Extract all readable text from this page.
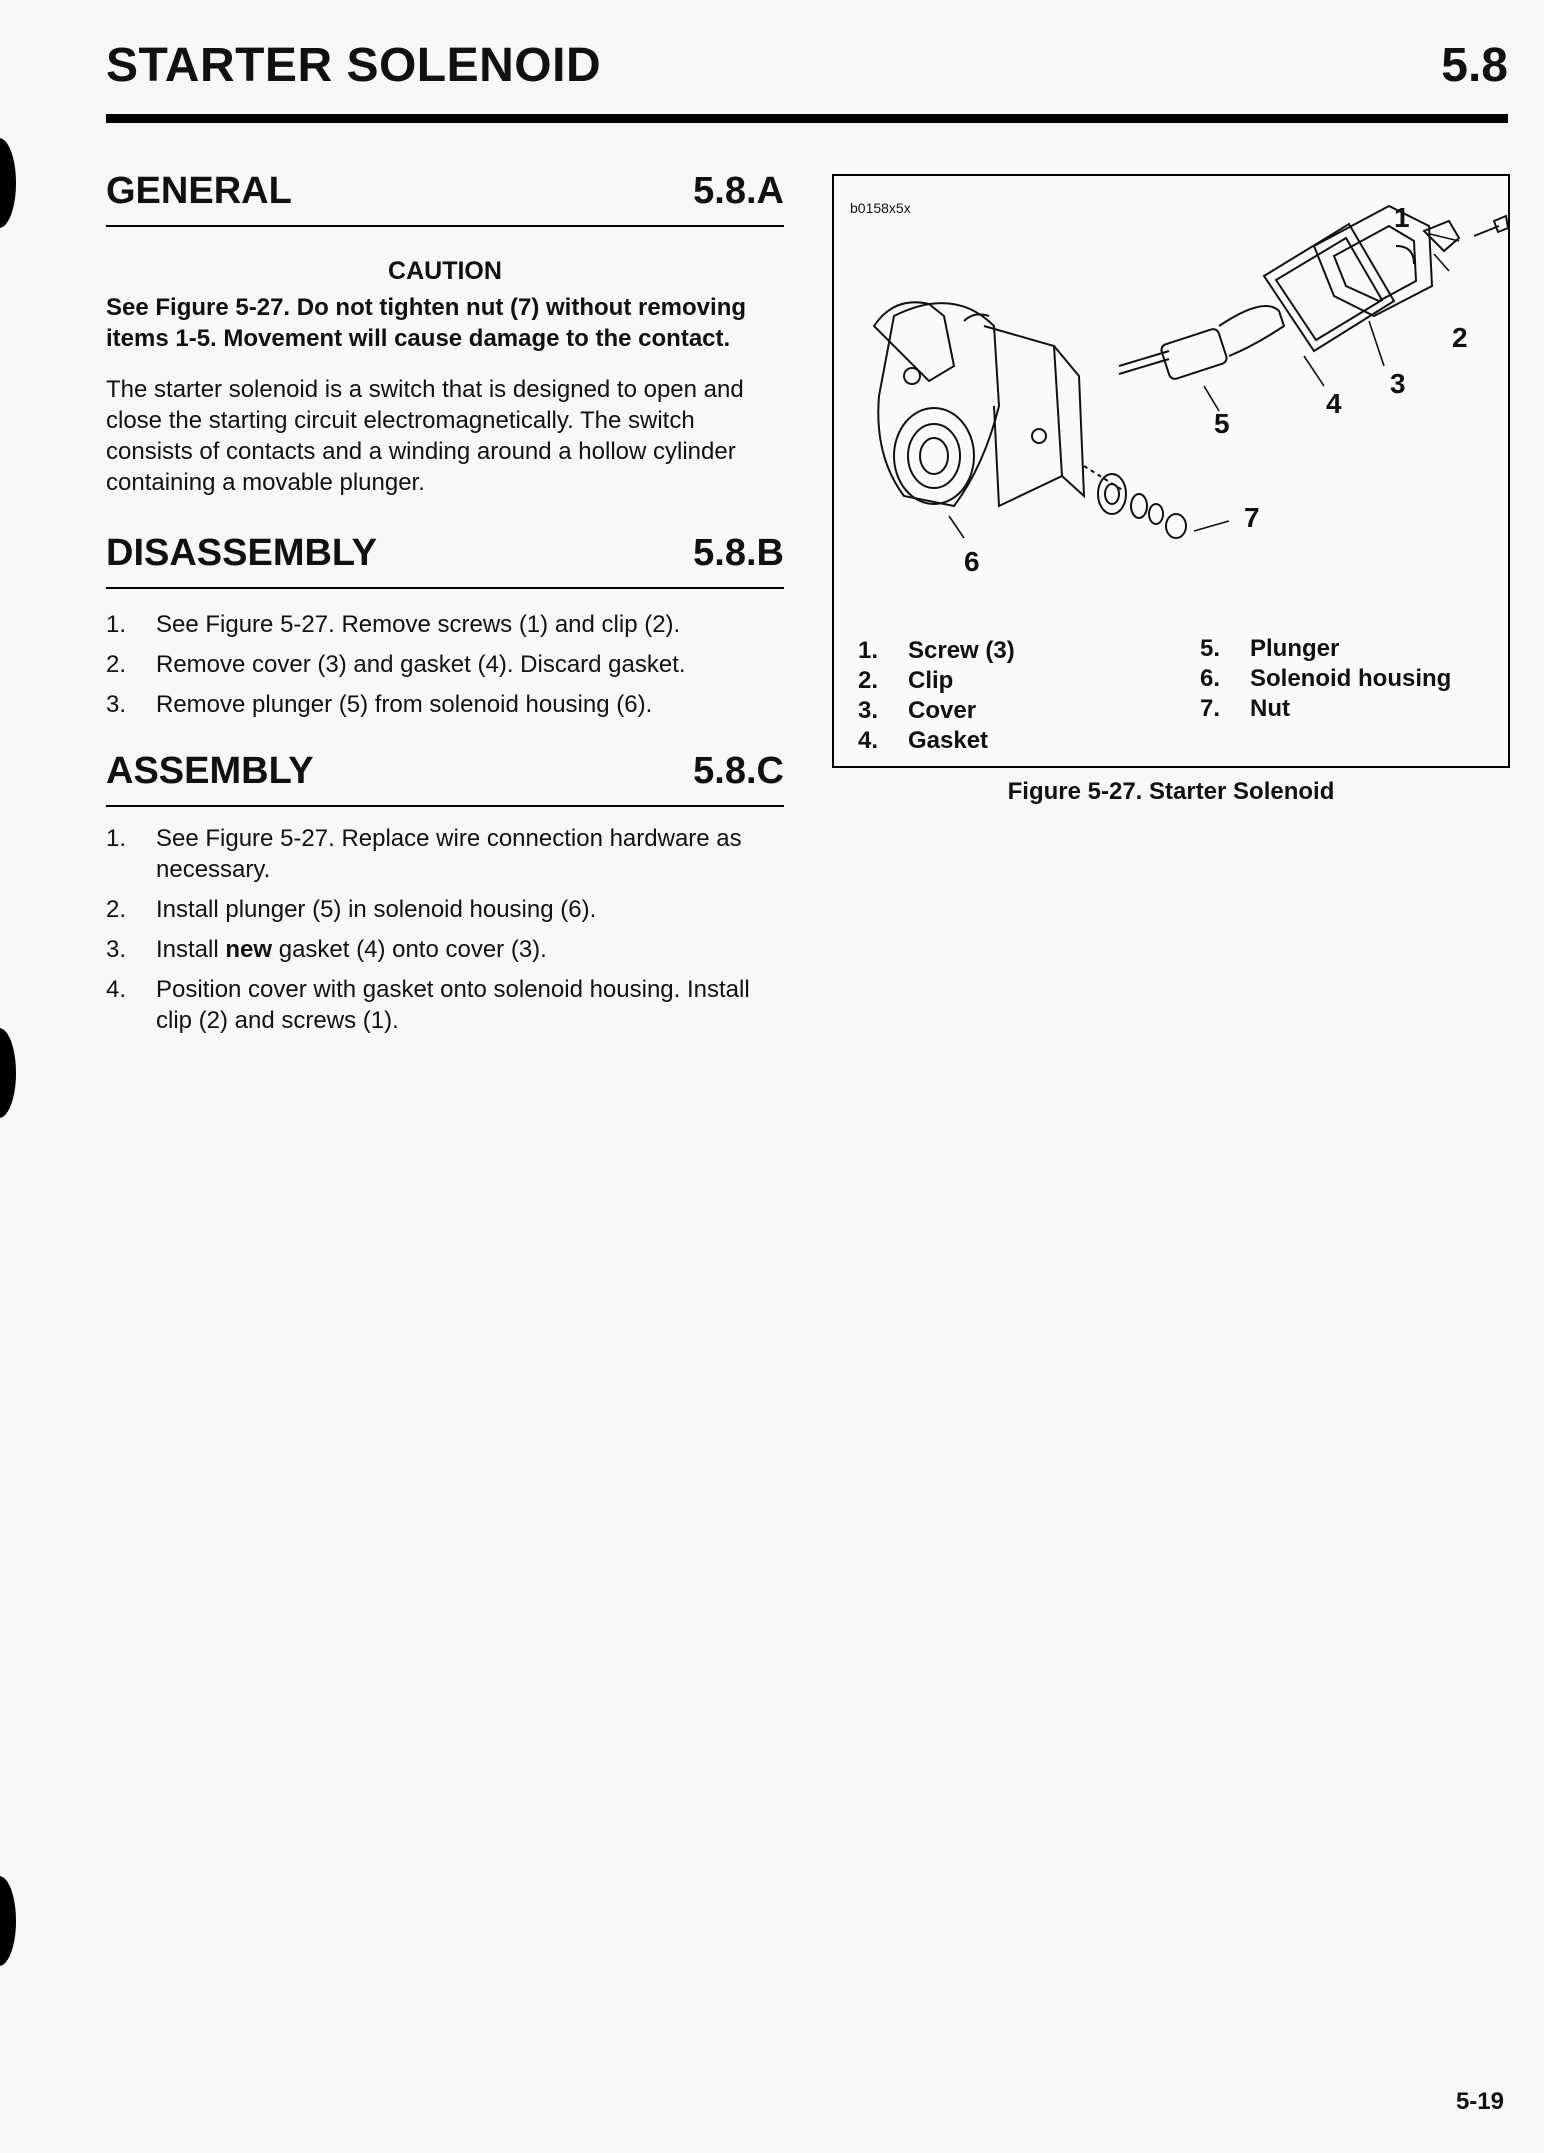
STARTER SOLENOID	5.8
GENERAL	5.8.A
CAUTION
See Figure 5-27. Do not tighten nut (7) without removing items 1-5. Movement will cause damage to the contact.
The starter solenoid is a switch that is designed to open and close the starting circuit electromagnetically. The switch consists of contacts and a winding around a hollow cylinder containing a movable plunger.
DISASSEMBLY	5.8.B
1.	See Figure 5-27. Remove screws (1) and clip (2).
2.	Remove cover (3) and gasket (4). Discard gasket.
3.	Remove plunger (5) from solenoid housing (6).
ASSEMBLY	5.8.C
1.	See Figure 5-27. Replace wire connection hardware as necessary.
2.	Install plunger (5) in solenoid housing (6).
3.	Install new gasket (4) onto cover (3).
4.	Position cover with gasket onto solenoid housing. Install clip (2) and screws (1).
b0158x5x	1
2
3
4
5
6
7
1.	Screw (3)
2.	Clip
3.	Cover
4.	Gasket
5.	Plunger
6.	Solenoid housing
7.	Nut
Figure 5-27. Starter Solenoid
5-19
